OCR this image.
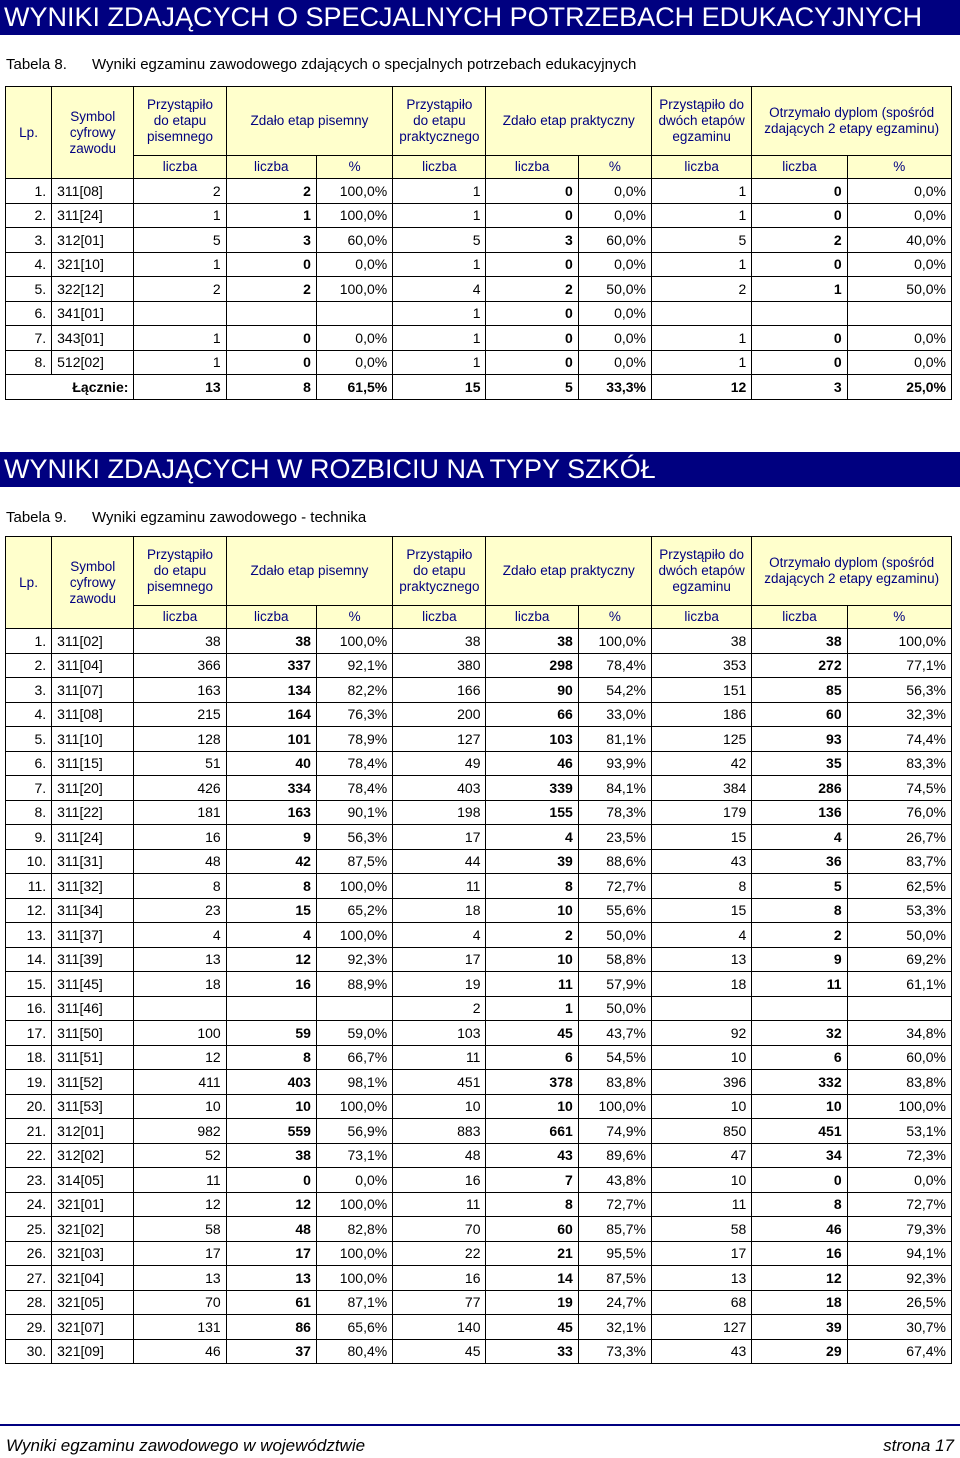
WYNIKI ZDAJĄCYCH O SPECJALNYCH POTRZEBACH EDUKACYJNYCH
Tabela 8. Wyniki egzaminu zawodowego zdających o specjalnych potrzebach edukacyjnych
Lp.	Symbol cyfrowy zawodu	Przystąpiło do etapu pisemnego	Zdało etap pisemny		Przystąpiło do etapu praktycznego	Zdało etap praktyczny		Przystąpiło do dwóch etapów egzaminu	Otrzymało dyplom (spośród zdających 2 etapy egzaminu)	
		liczba	liczba	%	liczba	liczba	%	liczba	liczba	%
1.	311[08]	2	2	100,0%	1	0	0,0%	1	0	0,0%
2.	311[24]	1	1	100,0%	1	0	0,0%	1	0	0,0%
3.	312[01]	5	3	60,0%	5	3	60,0%	5	2	40,0%
4.	321[10]	1	0	0,0%	1	0	0,0%	1	0	0,0%
5.	322[12]	2	2	100,0%	4	2	50,0%	2	1	50,0%
6.	341[01]				1	0	0,0%			
7.	343[01]	1	0	0,0%	1	0	0,0%	1	0	0,0%
8.	512[02]	1	0	0,0%	1	0	0,0%	1	0	0,0%
Łącznie:		13	8	61,5%	15	5	33,3%	12	3	25,0%
WYNIKI ZDAJĄCYCH W ROZBICIU NA TYPY SZKÓŁ
Tabela 9. Wyniki egzaminu zawodowego - technika
Lp.	Symbol cyfrowy zawodu	Przystąpiło do etapu pisemnego	Zdało etap pisemny		Przystąpiło do etapu praktycznego	Zdało etap praktyczny		Przystąpiło do dwóch etapów egzaminu	Otrzymało dyplom (spośród zdających 2 etapy egzaminu)	
		liczba	liczba	%	liczba	liczba	%	liczba	liczba	%
1.	311[02]	38	38	100,0%	38	38	100,0%	38	38	100,0%
2.	311[04]	366	337	92,1%	380	298	78,4%	353	272	77,1%
3.	311[07]	163	134	82,2%	166	90	54,2%	151	85	56,3%
4.	311[08]	215	164	76,3%	200	66	33,0%	186	60	32,3%
5.	311[10]	128	101	78,9%	127	103	81,1%	125	93	74,4%
6.	311[15]	51	40	78,4%	49	46	93,9%	42	35	83,3%
7.	311[20]	426	334	78,4%	403	339	84,1%	384	286	74,5%
8.	311[22]	181	163	90,1%	198	155	78,3%	179	136	76,0%
9.	311[24]	16	9	56,3%	17	4	23,5%	15	4	26,7%
10.	311[31]	48	42	87,5%	44	39	88,6%	43	36	83,7%
11.	311[32]	8	8	100,0%	11	8	72,7%	8	5	62,5%
12.	311[34]	23	15	65,2%	18	10	55,6%	15	8	53,3%
13.	311[37]	4	4	100,0%	4	2	50,0%	4	2	50,0%
14.	311[39]	13	12	92,3%	17	10	58,8%	13	9	69,2%
15.	311[45]	18	16	88,9%	19	11	57,9%	18	11	61,1%
16.	311[46]				2	1	50,0%			
17.	311[50]	100	59	59,0%	103	45	43,7%	92	32	34,8%
18.	311[51]	12	8	66,7%	11	6	54,5%	10	6	60,0%
19.	311[52]	411	403	98,1%	451	378	83,8%	396	332	83,8%
20.	311[53]	10	10	100,0%	10	10	100,0%	10	10	100,0%
21.	312[01]	982	559	56,9%	883	661	74,9%	850	451	53,1%
22.	312[02]	52	38	73,1%	48	43	89,6%	47	34	72,3%
23.	314[05]	11	0	0,0%	16	7	43,8%	10	0	0,0%
24.	321[01]	12	12	100,0%	11	8	72,7%	11	8	72,7%
25.	321[02]	58	48	82,8%	70	60	85,7%	58	46	79,3%
26.	321[03]	17	17	100,0%	22	21	95,5%	17	16	94,1%
27.	321[04]	13	13	100,0%	16	14	87,5%	13	12	92,3%
28.	321[05]	70	61	87,1%	77	19	24,7%	68	18	26,5%
29.	321[07]	131	86	65,6%	140	45	32,1%	127	39	30,7%
30.	321[09]	46	37	80,4%	45	33	73,3%	43	29	67,4%
Wyniki egzaminu zawodowego w województwie	strona 17
